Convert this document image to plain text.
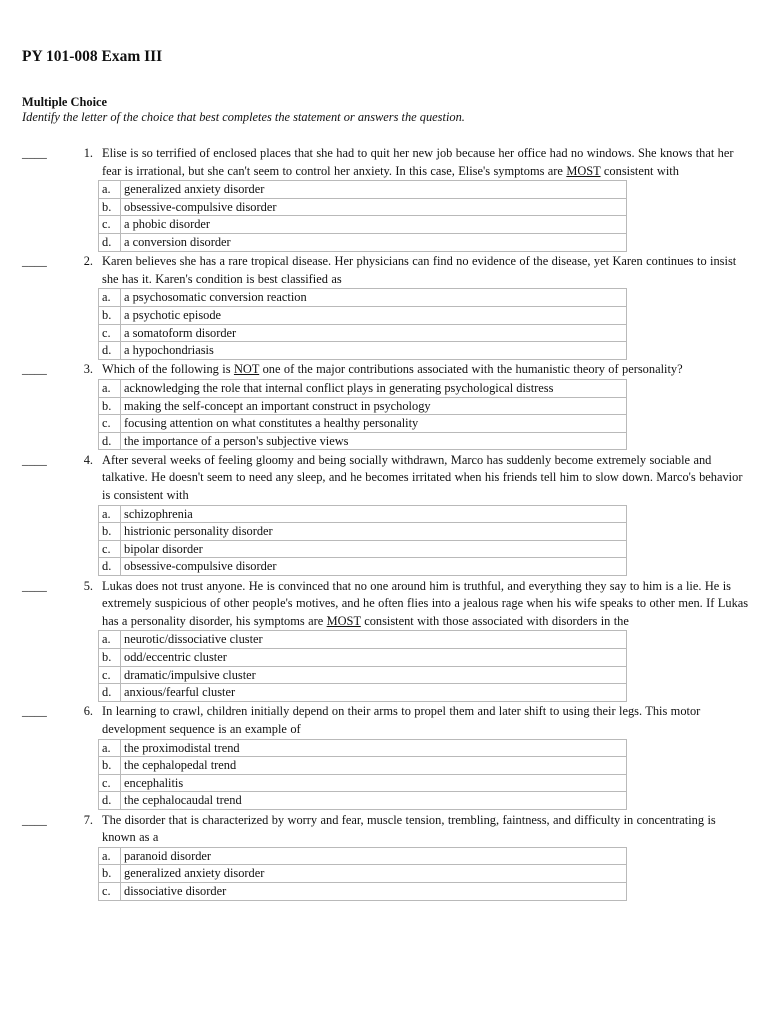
PY 101-008 Exam III
Multiple Choice
Identify the letter of the choice that best completes the statement or answers the question.
____	1. Elise is so terrified of enclosed places that she had to quit her new job because her office had no windows. She knows that her fear is irrational, but she can't seem to control her anxiety. In this case, Elise's symptoms are MOST consistent with
a.	generalized anxiety disorder
b.	obsessive-compulsive disorder
c.	a phobic disorder
d.	a conversion disorder
____	2. Karen believes she has a rare tropical disease. Her physicians can find no evidence of the disease, yet Karen continues to insist she has it. Karen's condition is best classified as
a.	a psychosomatic conversion reaction
b.	a psychotic episode
c.	a somatoform disorder
d.	a hypochondriasis
____	3. Which of the following is NOT one of the major contributions associated with the humanistic theory of personality?
a.	acknowledging the role that internal conflict plays in generating psychological distress
b.	making the self-concept an important construct in psychology
c.	focusing attention on what constitutes a healthy personality
d.	the importance of a person's subjective views
____	4. After several weeks of feeling gloomy and being socially withdrawn, Marco has suddenly become extremely sociable and talkative. He doesn't seem to need any sleep, and he becomes irritated when his friends tell him to slow down. Marco's behavior is consistent with
a.	schizophrenia
b.	histrionic personality disorder
c.	bipolar disorder
d.	obsessive-compulsive disorder
____	5. Lukas does not trust anyone. He is convinced that no one around him is truthful, and everything they say to him is a lie. He is extremely suspicious of other people's motives, and he often flies into a jealous rage when his wife speaks to other men. If Lukas has a personality disorder, his symptoms are MOST consistent with those associated with disorders in the
a.	neurotic/dissociative cluster
b.	odd/eccentric cluster
c.	dramatic/impulsive cluster
d.	anxious/fearful cluster
____	6. In learning to crawl, children initially depend on their arms to propel them and later shift to using their legs. This motor development sequence is an example of
a.	the proximodistal trend
b.	the cephalopedal trend
c.	encephalitis
d.	the cephalocaudal trend
____	7. The disorder that is characterized by worry and fear, muscle tension, trembling, faintness, and difficulty in concentrating is known as a
a.	paranoid disorder
b.	generalized anxiety disorder
c.	dissociative disorder
